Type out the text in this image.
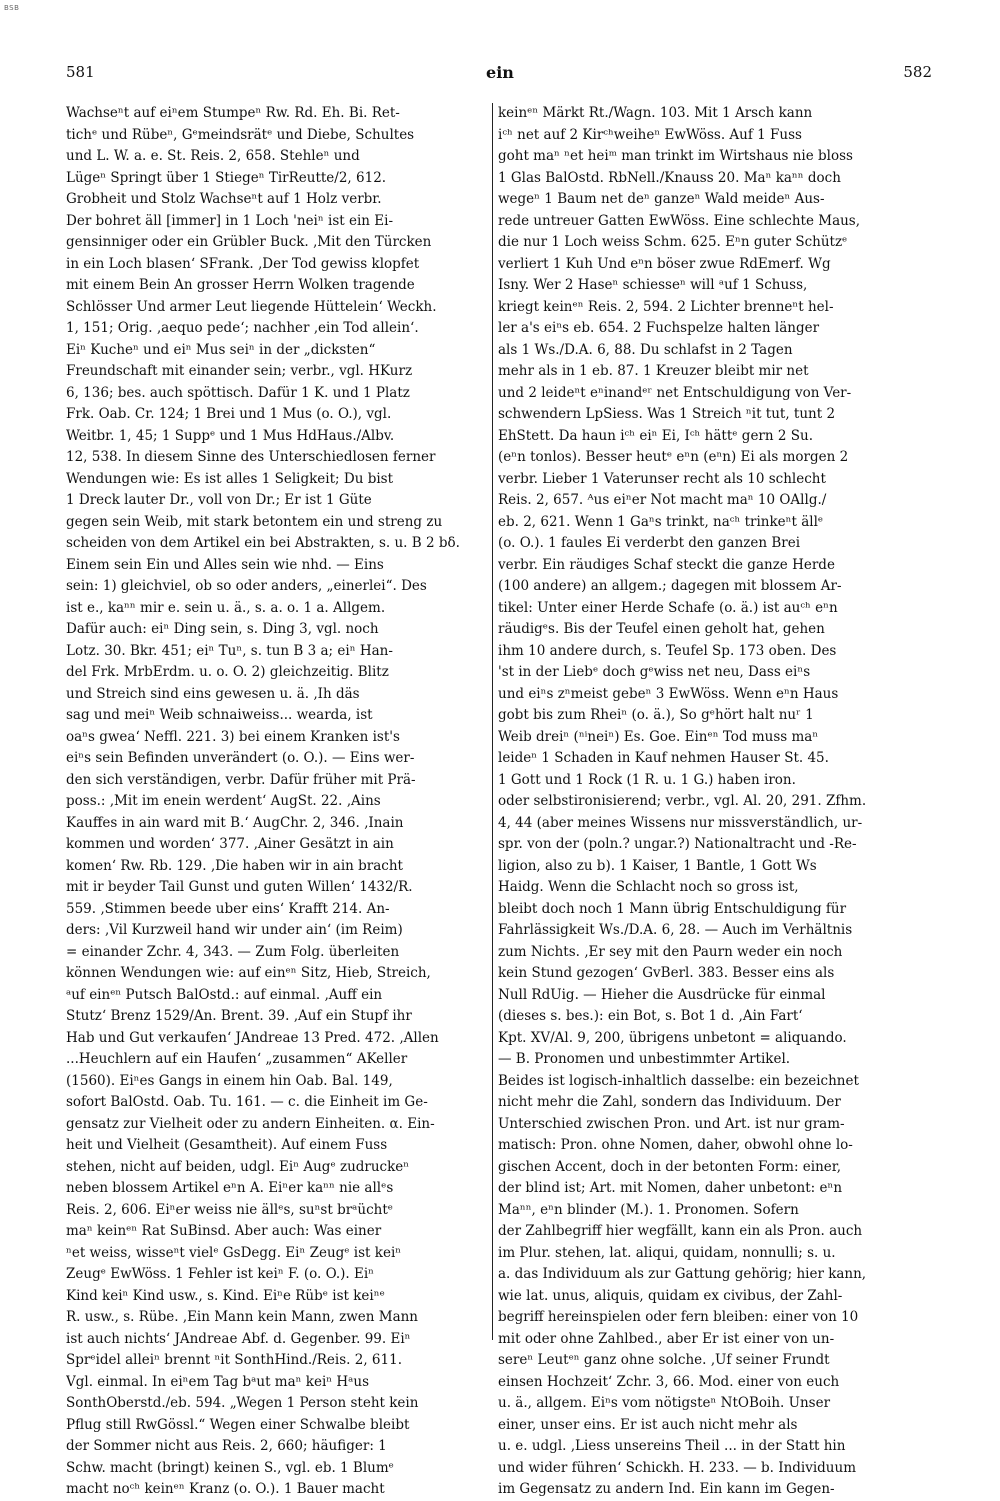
BSB
581	ein	582
Wachseⁿt auf eiⁿem Stumpeⁿ Rw. Rd. Eh. Bi. Ret-
tichᵉ und Rübeⁿ, Gᵉmeindsrätᵉ und Diebe, Schultes
und L. W. a. e. St. Reis. 2, 658. Stehleⁿ und
Lügeⁿ Springt über 1 Stiegeⁿ TirReutte/2, 612.
Grobheit und Stolz Wachseⁿt auf 1 Holz verbr.
Der bohret äll [immer] in 1 Loch 'neiⁿ ist ein Ei-
gensinniger oder ein Grübler Buck. ‚Mit den Türcken
in ein Loch blasen‘ SFrank. ‚Der Tod gewiss klopfet
mit einem Bein An grosser Herrn Wolken tragende
Schlösser Und armer Leut liegende Hüttelein‘ Weckh.
1, 151; Orig. ‚aequo pede‘; nachher ‚ein Tod allein‘.
Eiⁿ Kucheⁿ und eiⁿ Mus seiⁿ in der „dicksten“
Freundschaft mit einander sein; verbr., vgl. HKurz
6, 136; bes. auch spöttisch. Dafür 1 K. und 1 Platz
Frk. Oab. Cr. 124; 1 Brei und 1 Mus (o. O.), vgl.
Weitbr. 1, 45; 1 Suppᵉ und 1 Mus HdHaus./Albv.
12, 538. In diesem Sinne des Unterschiedlosen ferner
Wendungen wie: Es ist alles 1 Seligkeit; Du bist
1 Dreck lauter Dr., voll von Dr.; Er ist 1 Güte
gegen sein Weib, mit stark betontem ein und streng zu
scheiden von dem Artikel ein bei Abstrakten, s. u. B 2 bδ.
Einem sein Ein und Alles sein wie nhd. — Eins
sein: 1) gleichviel, ob so oder anders, „einerlei“. Des
ist e., kaⁿⁿ mir e. sein u. ä., s. a. o. 1 a. Allgem.
Dafür auch: eiⁿ Ding sein, s. Ding 3, vgl. noch
Lotz. 30. Bkr. 451; eiⁿ Tuⁿ, s. tun B 3 a; eiⁿ Han-
del Frk. MrbErdm. u. o. O. 2) gleichzeitig. Blitz
und Streich sind eins gewesen u. ä. ‚Ih däs
sag und meiⁿ Weib schnaiweiss... wearda, ist
oaⁿs gwea‘ Neffl. 221. 3) bei einem Kranken ist's
eiⁿs sein Befinden unverändert (o. O.). — Eins wer-
den sich verständigen, verbr. Dafür früher mit Prä-
poss.: ‚Mit im enein werdent‘ AugSt. 22. ‚Ains
Kauffes in ain ward mit B.‘ AugChr. 2, 346. ‚Inain
kommen und worden‘ 377. ‚Ainer Gesätzt in ain
komen‘ Rw. Rb. 129. ‚Die haben wir in ain bracht
mit ir beyder Tail Gunst und guten Willen‘ 1432/R.
559. ‚Stimmen beede uber eins‘ Krafft 214. An-
ders: ‚Vil Kurzweil hand wir under ain‘ (im Reim)
= einander Zchr. 4, 343. — Zum Folg. überleiten
können Wendungen wie: auf einᵉⁿ Sitz, Hieb, Streich,
ᵃuf einᵉⁿ Putsch BalOstd.: auf einmal. ‚Auff ein
Stutz‘ Brenz 1529/An. Brent. 39. ‚Auf ein Stupf ihr
Hab und Gut verkaufen‘ JAndreae 13 Pred. 472. ‚Allen
...Heuchlern auf ein Haufen‘ „zusammen“ AKeller
(1560). Eiⁿes Gangs in einem hin Oab. Bal. 149,
sofort BalOstd. Oab. Tu. 161. — c. die Einheit im Ge-
gensatz zur Vielheit oder zu andern Einheiten. α. Ein-
heit und Vielheit (Gesamtheit). Auf einem Fuss
stehen, nicht auf beiden, udgl. Eiⁿ Augᵉ zudruckeⁿ
neben blossem Artikel eⁿn A. Eiⁿer kaⁿⁿ nie allᵉs
Reis. 2, 606. Eiⁿer weiss nie ällᵉs, suⁿst brᵃüchtᵉ
maⁿ keinᵉⁿ Rat SuBinsd. Aber auch: Was einer
ⁿet weiss, wisseⁿt vielᵉ GsDegg. Eiⁿ Zeugᵉ ist keiⁿ
Zeugᵉ EwWöss. 1 Fehler ist keiⁿ F. (o. O.). Eiⁿ
Kind keiⁿ Kind usw., s. Kind. Eiⁿe Rübᵉ ist keiⁿᵉ
R. usw., s. Rübe. ‚Ein Mann kein Mann, zwen Mann
ist auch nichts‘ JAndreae Abf. d. Gegenber. 99. Eiⁿ
Sprᵉidel alleiⁿ brennt ⁿit SonthHind./Reis. 2, 611.
Vgl. einmal. In eiⁿem Tag bᵃut maⁿ keiⁿ Hᵃus
SonthOberstd./eb. 594. „Wegen 1 Person steht kein
Pflug still RwGössl.“ Wegen einer Schwalbe bleibt
der Sommer nicht aus Reis. 2, 660; häufiger: 1
Schw. macht (bringt) keinen S., vgl. eb. 1 Blumᵉ
macht noᶜʰ keinᵉⁿ Kranz (o. O.). 1 Bauer macht
keinᵉⁿ Märkt Rt./Wagn. 103. Mit 1 Arsch kann
iᶜʰ net auf 2 Kirᶜʰweiheⁿ EwWöss. Auf 1 Fuss
goht maⁿ ⁿet heiᵐ man trinkt im Wirtshaus nie bloss
1 Glas BalOstd. RbNell./Knauss 20. Maⁿ kaⁿⁿ doch
wegeⁿ 1 Baum net deⁿ ganzeⁿ Wald meideⁿ Aus-
rede untreuer Gatten EwWöss. Eine schlechte Maus,
die nur 1 Loch weiss Schm. 625. Eⁿn guter Schützᵉ
verliert 1 Kuh Und eⁿn böser zwue RdEmerf. Wg
Isny. Wer 2 Haseⁿ schiesseⁿ will ᵃuf 1 Schuss,
kriegt keinᵉⁿ Reis. 2, 594. 2 Lichter brenneⁿt hel-
ler a's eiⁿs eb. 654. 2 Fuchspelze halten länger
als 1 Ws./D.A. 6, 88. Du schlafst in 2 Tagen
mehr als in 1 eb. 87. 1 Kreuzer bleibt mir net
und 2 leideⁿt eⁿinandᵉʳ net Entschuldigung von Ver-
schwendern LpSiess. Was 1 Streich ⁿit tut, tunt 2
EhStett. Da haun iᶜʰ eiⁿ Ei, Iᶜʰ hättᵉ gern 2 Su.
(eⁿn tonlos). Besser heutᵉ eⁿn (eⁿn) Ei als morgen 2
verbr. Lieber 1 Vaterunser recht als 10 schlecht
Reis. 2, 657. ᴬus eiⁿer Not macht maⁿ 10 OAllg./
eb. 2, 621. Wenn 1 Gaⁿs trinkt, naᶜʰ trinkeⁿt ällᵉ
(o. O.). 1 faules Ei verderbt den ganzen Brei
verbr. Ein räudiges Schaf steckt die ganze Herde
(100 andere) an allgem.; dagegen mit blossem Ar-
tikel: Unter einer Herde Schafe (o. ä.) ist auᶜʰ eⁿn
räudigᵉs. Bis der Teufel einen geholt hat, gehen
ihm 10 andere durch, s. Teufel Sp. 173 oben. Des
'st in der Liebᵉ doch gᵉwiss net neu, Dass eiⁿs
und eiⁿs zⁿmeist gebeⁿ 3 EwWöss. Wenn eⁿn Haus
gobt bis zum Rheiⁿ (o. ä.), So gᵉhört halt nuʳ 1
Weib dreiⁿ (ⁿⁱneiⁿ) Es. Goe. Einᵉⁿ Tod muss maⁿ
leideⁿ 1 Schaden in Kauf nehmen Hauser St. 45.
1 Gott und 1 Rock (1 R. u. 1 G.) haben iron.
oder selbstironisierend; verbr., vgl. Al. 20, 291. Zfhm.
4, 44 (aber meines Wissens nur missverständlich, ur-
spr. von der (poln.? ungar.?) Nationaltracht und -Re-
ligion, also zu b). 1 Kaiser, 1 Bantle, 1 Gott Ws
Haidg. Wenn die Schlacht noch so gross ist,
bleibt doch noch 1 Mann übrig Entschuldigung für
Fahrlässigkeit Ws./D.A. 6, 28. — Auch im Verhältnis
zum Nichts. ‚Er sey mit den Paurn weder ein noch
kein Stund gezogen‘ GvBerl. 383. Besser eins als
Null RdUig. — Hieher die Ausdrücke für einmal
(dieses s. bes.): ein Bot, s. Bot 1 d. ‚Ain Fart‘
Kpt. XV/Al. 9, 200, übrigens unbetont = aliquando.
— B. Pronomen und unbestimmter Artikel.
Beides ist logisch-inhaltlich dasselbe: ein bezeichnet
nicht mehr die Zahl, sondern das Individuum. Der
Unterschied zwischen Pron. und Art. ist nur gram-
matisch: Pron. ohne Nomen, daher, obwohl ohne lo-
gischen Accent, doch in der betonten Form: einer,
der blind ist; Art. mit Nomen, daher unbetont: eⁿn
Maⁿⁿ, eⁿn blinder (M.). 1. Pronomen. Sofern
der Zahlbegriff hier wegfällt, kann ein als Pron. auch
im Plur. stehen, lat. aliqui, quidam, nonnulli; s. u.
a. das Individuum als zur Gattung gehörig; hier kann,
wie lat. unus, aliquis, quidam ex civibus, der Zahl-
begriff hereinspielen oder fern bleiben: einer von 10
mit oder ohne Zahlbed., aber Er ist einer von un-
sereⁿ Leutᵉⁿ ganz ohne solche. ‚Uf seiner Frundt
einsen Hochzeit‘ Zchr. 3, 66. Mod. einer von euch
u. ä., allgem. Eiⁿs vom nötigsteⁿ NtOBoih. Unser
einer, unser eins. Er ist auch nicht mehr als
u. e. udgl. ‚Liess unsereins Theil ... in der Statt hin
und wider führen‘ Schickh. H. 233. — b. Individuum
im Gegensatz zu andern Ind. Ein kann im Gegen-
